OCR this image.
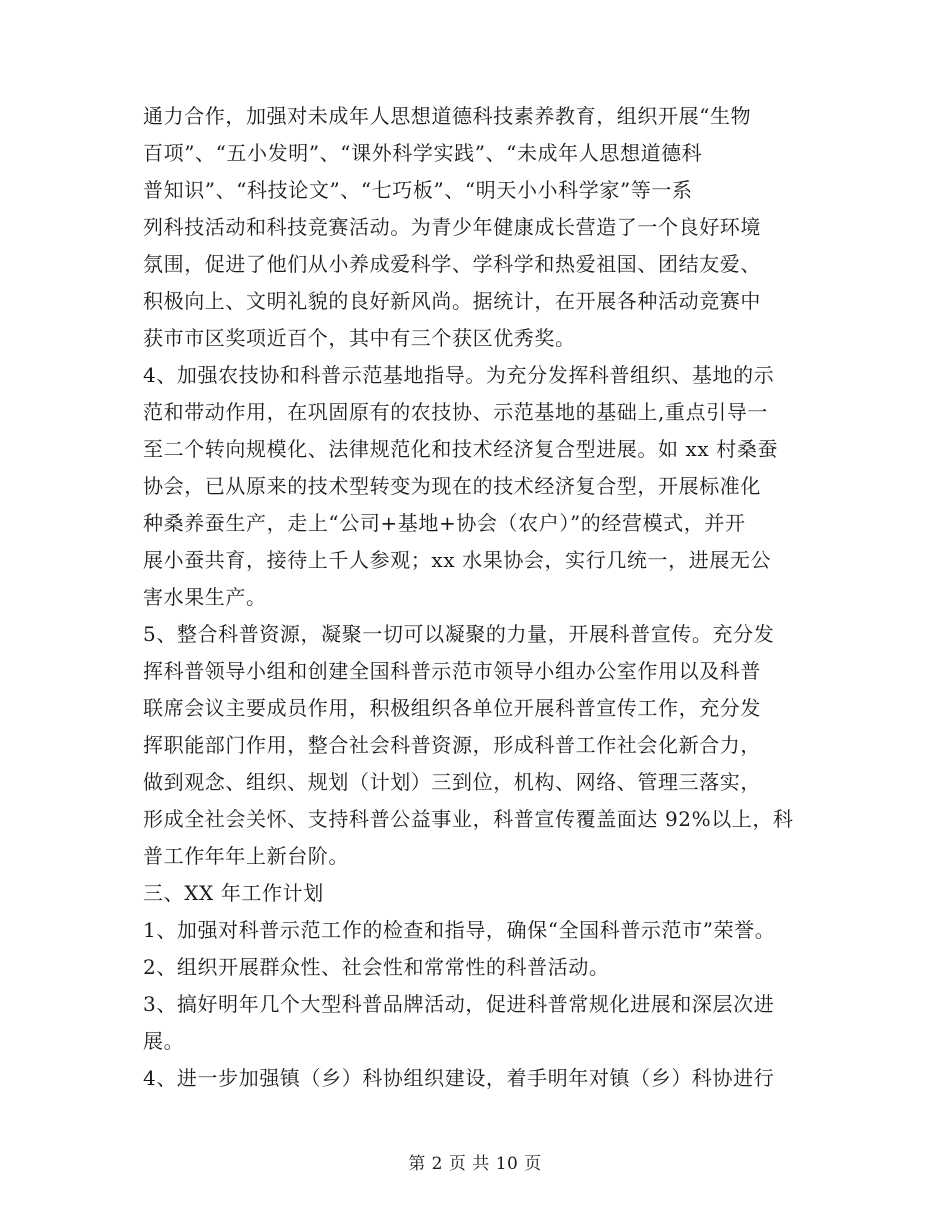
通力合作，加强对未成年人思想道德科技素养教育，组织开展“生物
百项”、“五小发明”、“课外科学实践”、“未成年人思想道德科
普知识”、“科技论文”、“七巧板”、“明天小小科学家”等一系
列科技活动和科技竞赛活动。为青少年健康成长营造了一个良好环境
氛围，促进了他们从小养成爱科学、学科学和热爱祖国、团结友爱、
积极向上、文明礼貌的良好新风尚。据统计，在开展各种活动竞赛中
获市市区奖项近百个，其中有三个获区优秀奖。
4、加强农技协和科普示范基地指导。为充分发挥科普组织、基地的示
范和带动作用，在巩固原有的农技协、示范基地的基础上,重点引导一
至二个转向规模化、法律规范化和技术经济复合型进展。如 xx 村桑蚕
协会，已从原来的技术型转变为现在的技术经济复合型，开展标准化
种桑养蚕生产，走上“公司+基地+协会（农户）”的经营模式，并开
展小蚕共育，接待上千人参观；xx 水果协会，实行几统一，进展无公
害水果生产。
5、整合科普资源，凝聚一切可以凝聚的力量，开展科普宣传。充分发
挥科普领导小组和创建全国科普示范市领导小组办公室作用以及科普
联席会议主要成员作用，积极组织各单位开展科普宣传工作，充分发
挥职能部门作用，整合社会科普资源，形成科普工作社会化新合力，
做到观念、组织、规划（计划）三到位，机构、网络、管理三落实，
形成全社会关怀、支持科普公益事业，科普宣传覆盖面达 92%以上，科
普工作年年上新台阶。
三、XX 年工作计划
1、加强对科普示范工作的检查和指导，确保“全国科普示范市”荣誉。
2、组织开展群众性、社会性和常常性的科普活动。
3、搞好明年几个大型科普品牌活动，促进科普常规化进展和深层次进
展。
4、进一步加强镇（乡）科协组织建设，着手明年对镇（乡）科协进行
第 2 页 共 10 页
